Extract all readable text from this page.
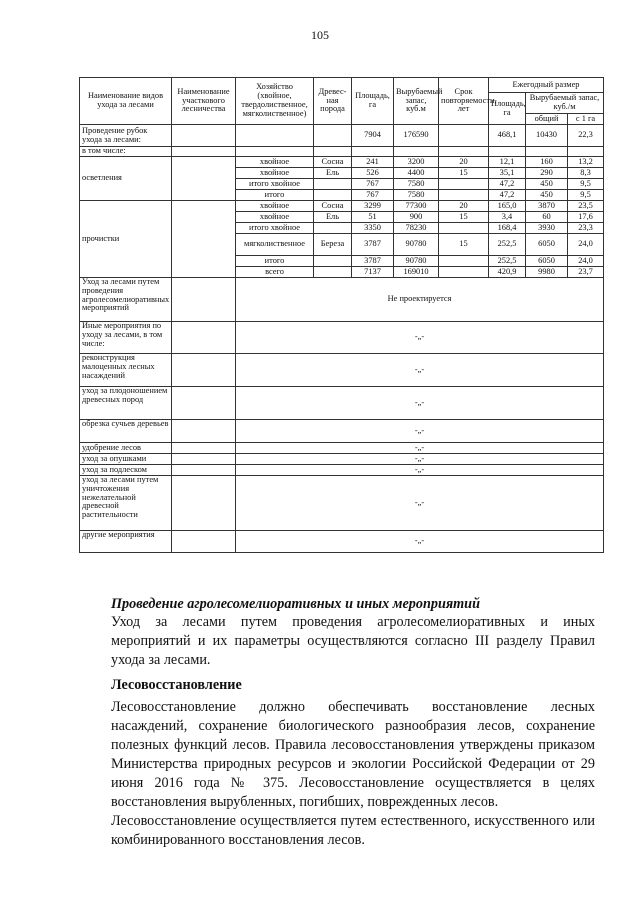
105
Наименование видов ухода за лесами	Наименование участкового лесничества	Хозяйство (хвойное, твердолиственное, мягколиственное)	Древес-ная порода	Площадь, га	Вырубаемый запас, куб.м	Срок повторяемости, лет	Ежегодный размер		
							Площадь, га	Вырубаемый запас, куб./м	
								общий	с 1 га
Проведение рубок ухода за лесами:				7904	176590		468,1	10430	22,3
в том числе:									
осветления		хвойное	Сосна	241	3200	20	12,1	160	13,2
		хвойное	Ель	526	4400	15	35,1	290	8,3
		итого хвойное		767	7580		47,2	450	9,5
		итого		767	7580		47,2	450	9,5
прочистки		хвойное	Сосна	3299	77300	20	165,0	3870	23,5
		хвойное	Ель	51	900	15	3,4	60	17,6
		итого хвойное		3350	78230		168,4	3930	23,3
		мягколиственное	Береза	3787	90780	15	252,5	6050	24,0
		итого		3787	90780		252,5	6050	24,0
		всего		7137	169010		420,9	9980	23,7
Уход за лесами путем проведения агролесомелиоративных мероприятий		Не проектируется							
Иные мероприятия по уходу за лесами, в том числе:		-„-							
реконструкция малоценных лесных насаждений		-„-							
уход за плодоношением древесных пород		-„-							
обрезка сучьев деревьев		-„-							
удобрение лесов		-„-							
уход за опушками		-„-							
уход за подлеском		-„-							
уход за лесами путем уничтожения нежелательной древесной растительности		-„-							
другие мероприятия		-„-							
Проведение агролесомелиоративных и иных мероприятий
Уход за лесами путем проведения агролесомелиоративных и иных мероприятий и их параметры осуществляются согласно III разделу Правил ухода за лесами.
Лесовосстановление
Лесовосстановление должно обеспечивать восстановление лесных насаждений, сохранение биологического разнообразия лесов, сохранение полезных функций лесов. Правила лесовосстановления утверждены приказом Министерства природных ресурсов и экологии Российской Федерации от 29 июня 2016 года № 375. Лесовосстановление осуществляется в целях восстановления вырубленных, погибших, поврежденных лесов.
Лесовосстановление осуществляется путем естественного, искусственного или комбинированного восстановления лесов.
